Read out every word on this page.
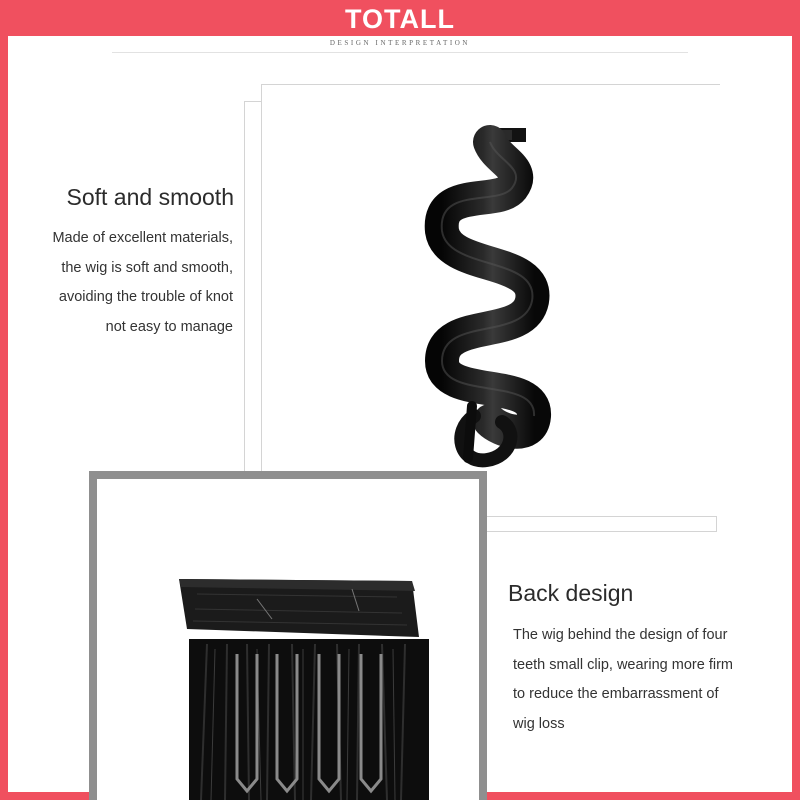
TOTALL
DESIGN INTERPRETATION
Soft and smooth
Made of excellent materials,
the wig is soft and smooth,
avoiding the trouble of knot
not easy to manage
Back design
The wig behind the design of four
teeth small clip, wearing more firm
to reduce the embarrassment of
wig loss
